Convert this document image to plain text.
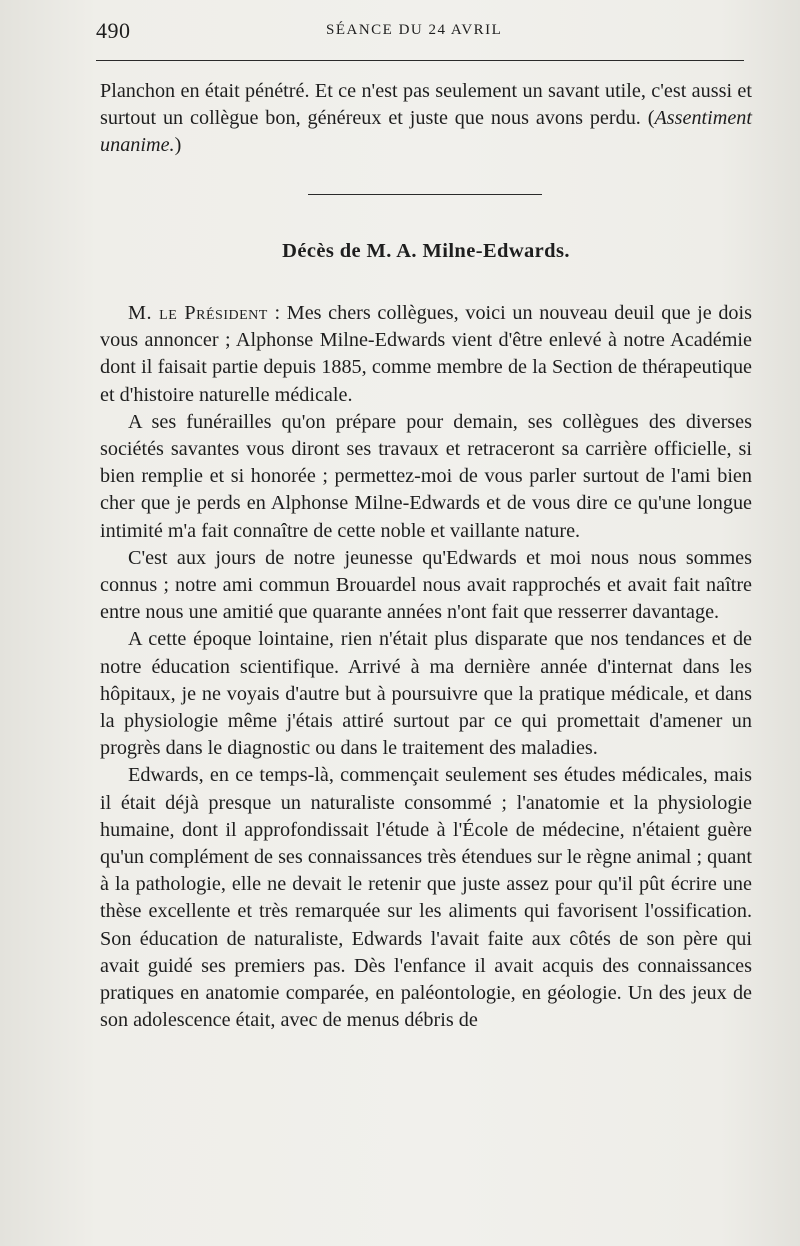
490	SÉANCE DU 24 AVRIL

Planchon en était pénétré. Et ce n'est pas seulement un savant utile, c'est aussi et surtout un collègue bon, généreux et juste que nous avons perdu. (Assentiment unanime.)

Décès de M. A. Milne-Edwards.

M. le Président : Mes chers collègues, voici un nouveau deuil que je dois vous annoncer ; Alphonse Milne-Edwards vient d'être enlevé à notre Académie dont il faisait partie depuis 1885, comme membre de la Section de thérapeutique et d'histoire naturelle médicale.

A ses funérailles qu'on prépare pour demain, ses collègues des diverses sociétés savantes vous diront ses travaux et retraceront sa carrière officielle, si bien remplie et si honorée ; permettez-moi de vous parler surtout de l'ami bien cher que je perds en Alphonse Milne-Edwards et de vous dire ce qu'une longue intimité m'a fait connaître de cette noble et vaillante nature.

C'est aux jours de notre jeunesse qu'Edwards et moi nous nous sommes connus ; notre ami commun Brouardel nous avait rapprochés et avait fait naître entre nous une amitié que quarante années n'ont fait que resserrer davantage.

A cette époque lointaine, rien n'était plus disparate que nos tendances et de notre éducation scientifique. Arrivé à ma dernière année d'internat dans les hôpitaux, je ne voyais d'autre but à poursuivre que la pratique médicale, et dans la physiologie même j'étais attiré surtout par ce qui promettait d'amener un progrès dans le diagnostic ou dans le traitement des maladies.

Edwards, en ce temps-là, commençait seulement ses études médicales, mais il était déjà presque un naturaliste consommé ; l'anatomie et la physiologie humaine, dont il approfondissait l'étude à l'École de médecine, n'étaient guère qu'un complément de ses connaissances très étendues sur le règne animal ; quant à la pathologie, elle ne devait le retenir que juste assez pour qu'il pût écrire une thèse excellente et très remarquée sur les aliments qui favorisent l'ossification. Son éducation de naturaliste, Edwards l'avait faite aux côtés de son père qui avait guidé ses premiers pas. Dès l'enfance il avait acquis des connaissances pratiques en anatomie comparée, en paléontologie, en géologie. Un des jeux de son adolescence était, avec de menus débris de
